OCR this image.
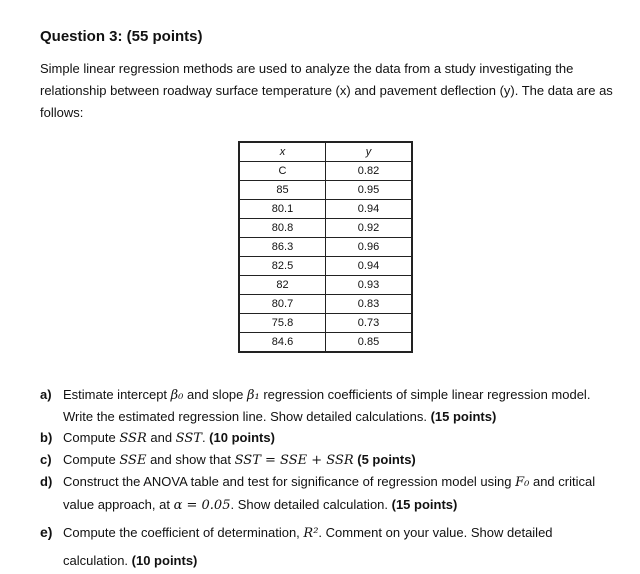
Question 3: (55 points)
Simple linear regression methods are used to analyze the data from a study investigating the relationship between roadway surface temperature (x) and pavement deflection (y). The data are as follows:
x	y
C	0.82
85	0.95
80.1	0.94
80.8	0.92
86.3	0.96
82.5	0.94
82	0.93
80.7	0.83
75.8	0.73
84.6	0.85
a) Estimate intercept β₀ and slope β₁ regression coefficients of simple linear regression model. Write the estimated regression line. Show detailed calculations. (15 points)
b) Compute SSR and SST. (10 points)
c) Compute SSE and show that SST = SSE + SSR (5 points)
d) Construct the ANOVA table and test for significance of regression model using F₀ and critical value approach, at α = 0.05. Show detailed calculation. (15 points)
e) Compute the coefficient of determination, R². Comment on your value. Show detailed calculation. (10 points)
